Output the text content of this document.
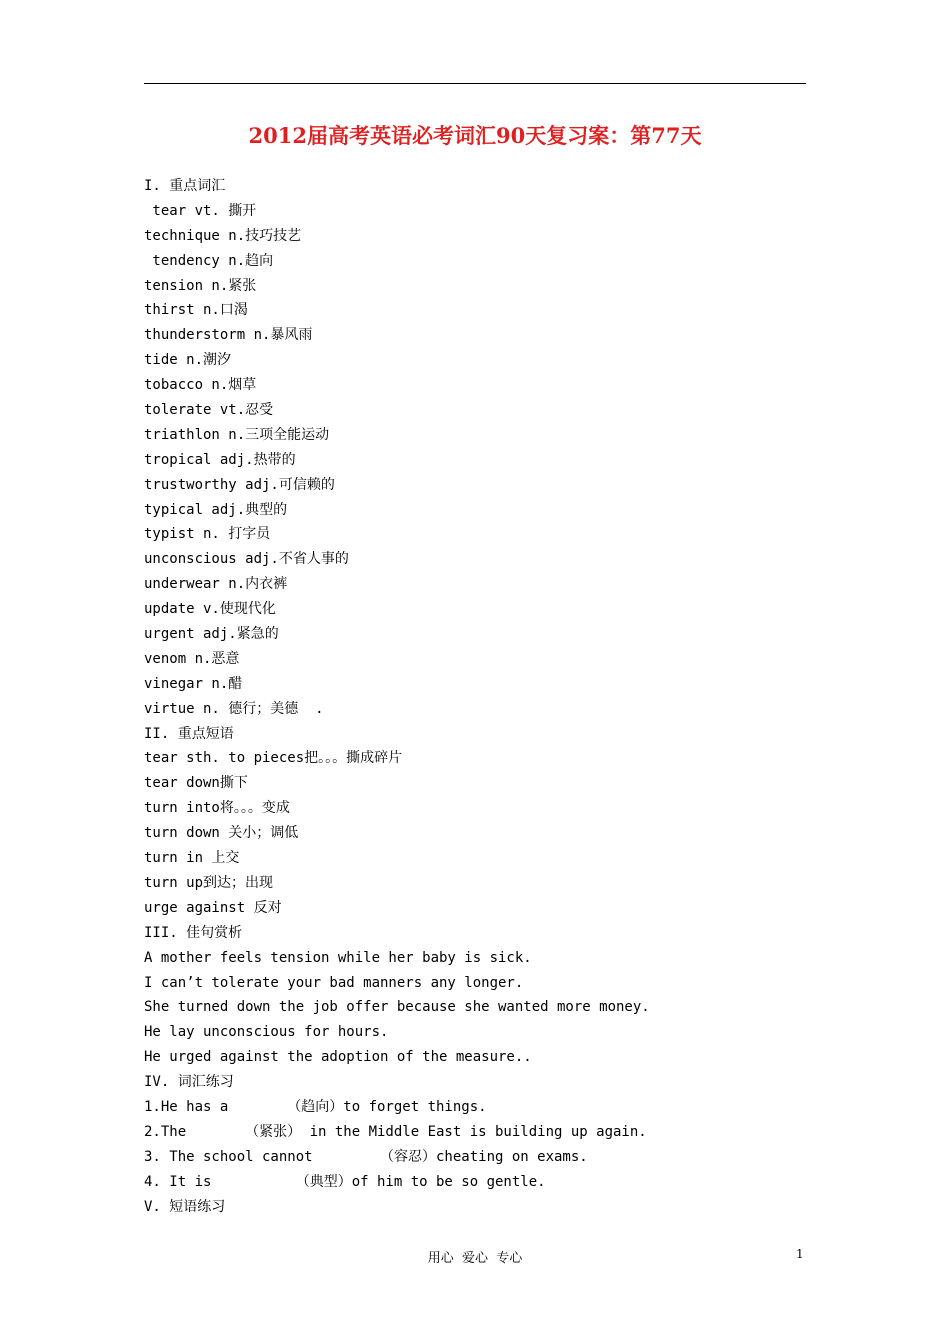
2012届高考英语必考词汇90天复习案：第77天
I. 重点词汇
tear vt. 撕开
technique n.技巧技艺
tendency n.趋向
tension n.紧张
thirst n.口渴
thunderstorm n.暴风雨
tide n.潮汐
tobacco n.烟草
tolerate vt.忍受
triathlon n.三项全能运动
tropical adj.热带的
trustworthy adj.可信赖的
typical adj.典型的
typist n. 打字员
unconscious adj.不省人事的
underwear n.内衣裤
update v.使现代化
urgent adj.紧急的
venom n.恶意
vinegar n.醋
virtue n. 德行；美德  .
II. 重点短语
tear sth. to pieces把。。。撕成碎片
tear down撕下
turn into将。。。变成
turn down 关小；调低
turn in 上交
turn up到达；出现
urge against 反对
III. 佳句赏析
A mother feels tension while her baby is sick.
I can’t tolerate your bad manners any longer.
She turned down the job offer because she wanted more money.
He lay unconscious for hours.
He urged against the adoption of the measure..
IV. 词汇练习
1.He has a       （趋向）to forget things.
2.The       （紧张） in the Middle East is building up again.
3. The school cannot        （容忍）cheating on exams.
4. It is          （典型）of him to be so gentle.
V. 短语练习
用心  爱心  专心	1
